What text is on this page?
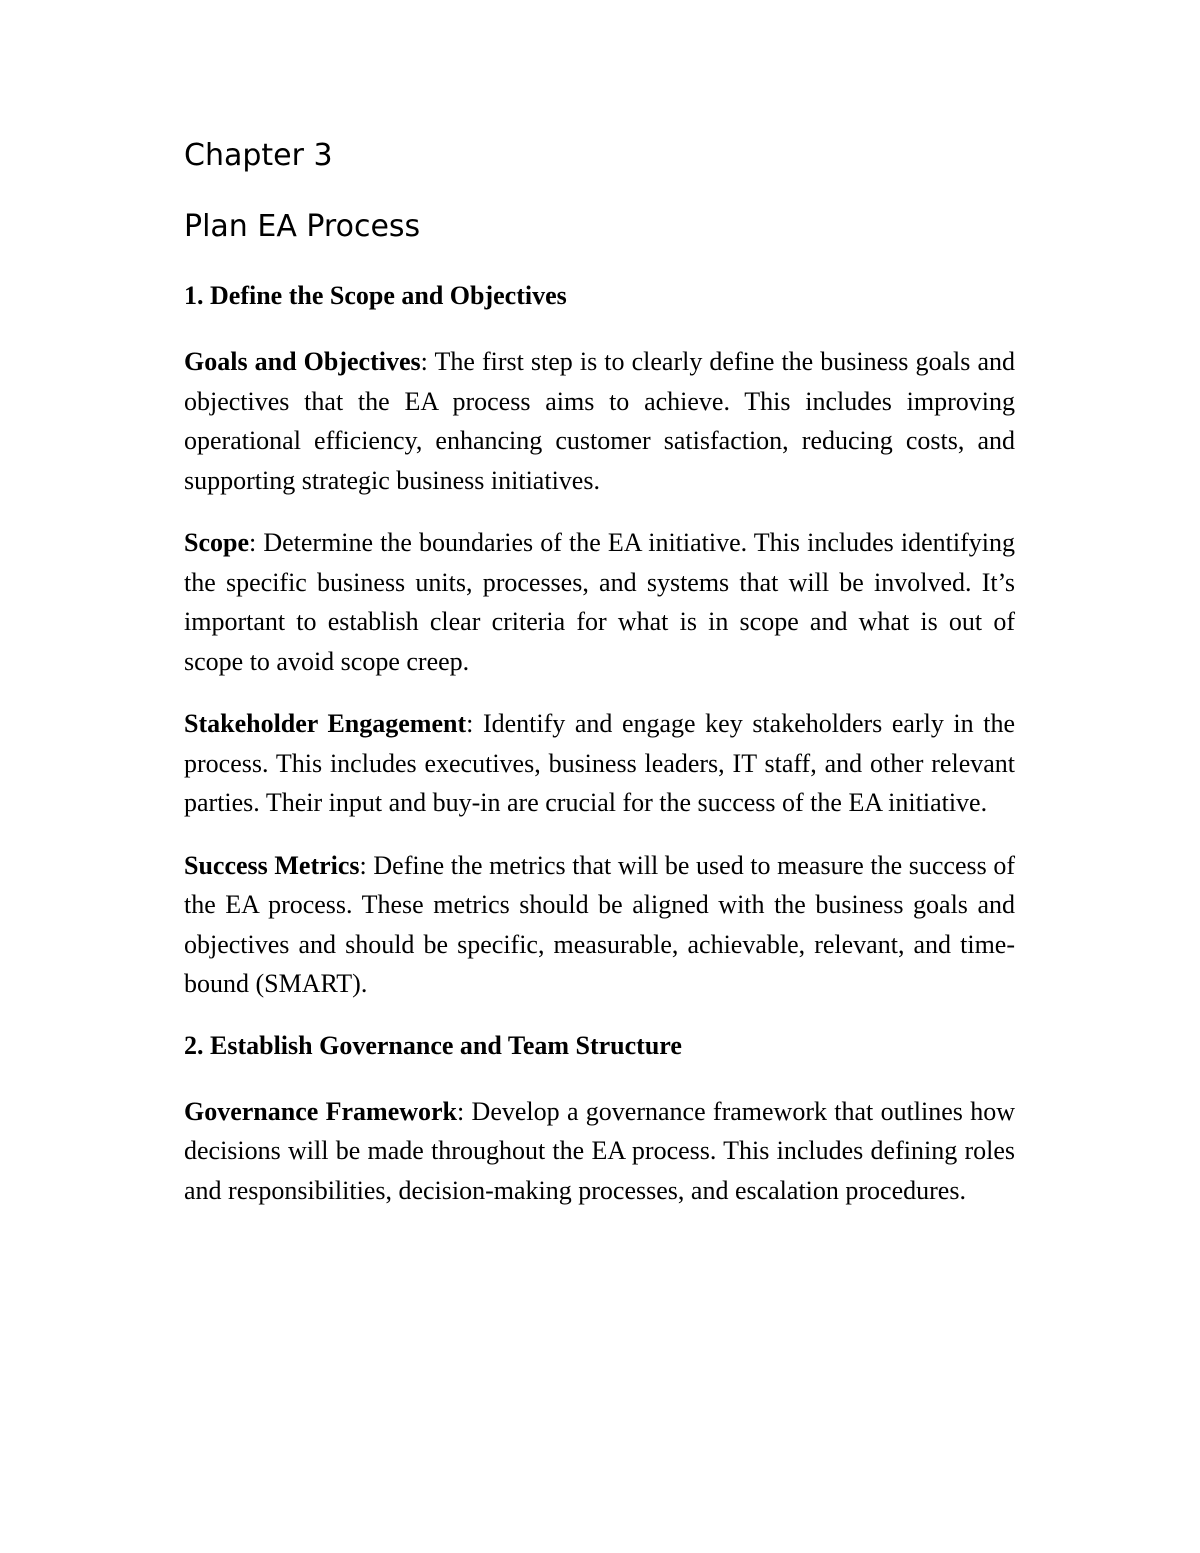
Chapter 3
Plan EA Process
1. Define the Scope and Objectives

Goals and Objectives: The first step is to clearly define the business goals and objectives that the EA process aims to achieve. This includes improving operational efficiency, enhancing customer satisfaction, reducing costs, and supporting strategic business initiatives.

Scope: Determine the boundaries of the EA initiative. This includes identifying the specific business units, processes, and systems that will be involved. It’s important to establish clear criteria for what is in scope and what is out of scope to avoid scope creep.

Stakeholder Engagement: Identify and engage key stakeholders early in the process. This includes executives, business leaders, IT staff, and other relevant parties. Their input and buy-in are crucial for the success of the EA initiative.

Success Metrics: Define the metrics that will be used to measure the success of the EA process. These metrics should be aligned with the business goals and objectives and should be specific, measurable, achievable, relevant, and time-bound (SMART).

2. Establish Governance and Team Structure

Governance Framework: Develop a governance framework that outlines how decisions will be made throughout the EA process. This includes defining roles and responsibilities, decision-making processes, and escalation procedures.
